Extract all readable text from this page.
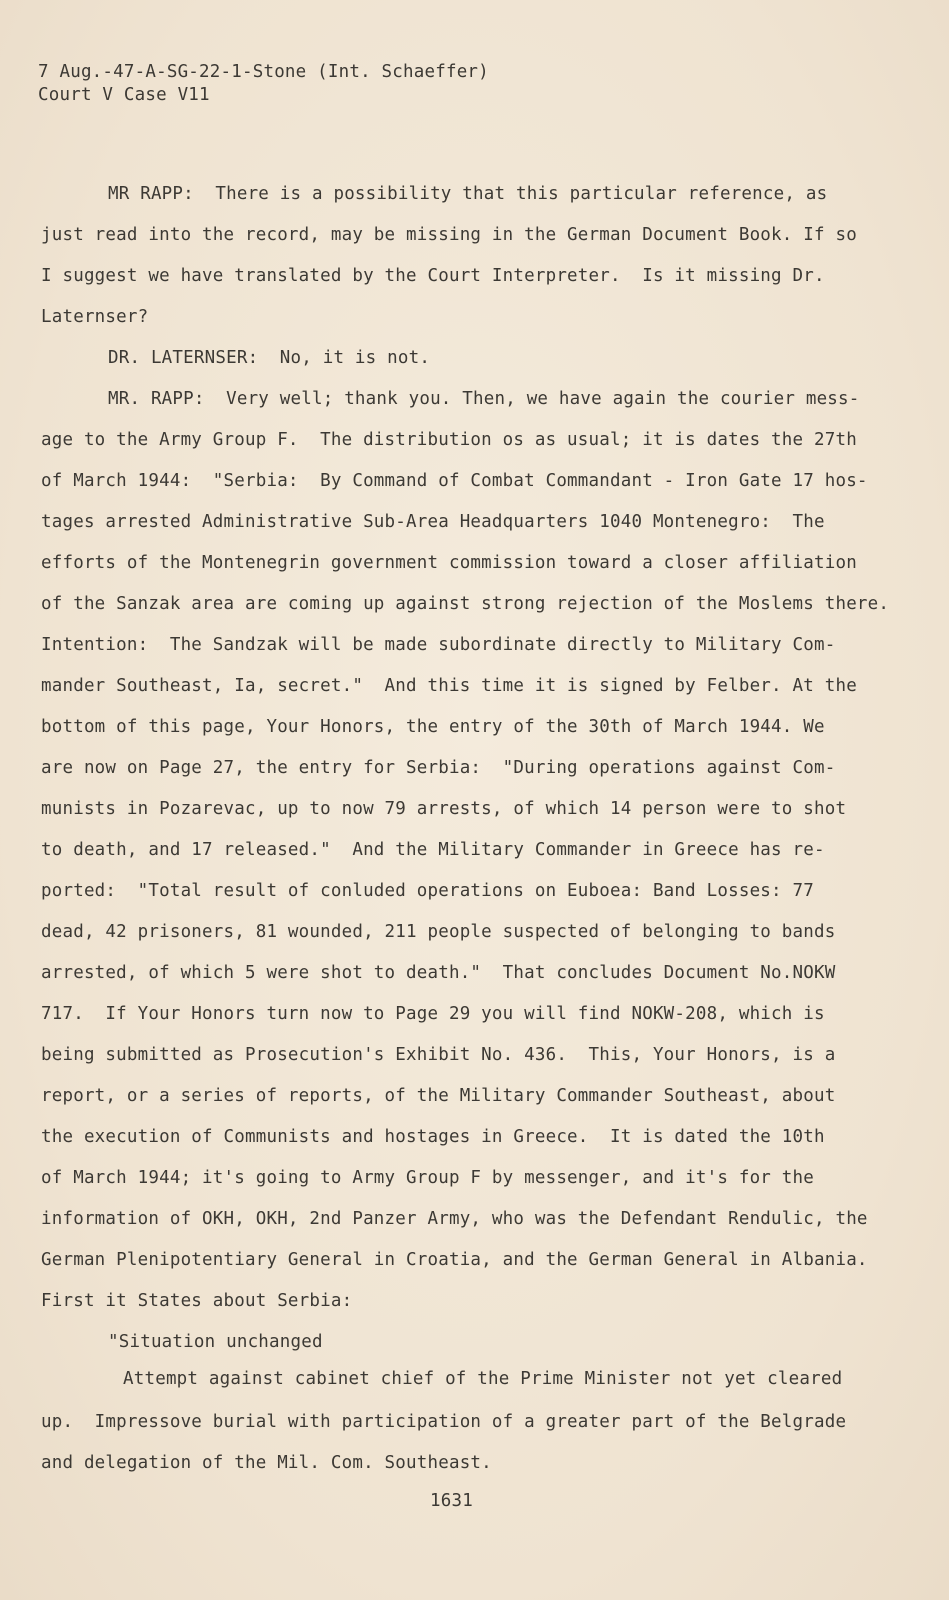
7 Aug.-47-A-SG-22-1-Stone (Int. Schaeffer)
Court V Case V11
MR RAPP:  There is a possibility that this particular reference, as
just read into the record, may be missing in the German Document Book. If so
I suggest we have translated by the Court Interpreter.  Is it missing Dr.
Laternser?
DR. LATERNSER:  No, it is not.
MR. RAPP:  Very well; thank you. Then, we have again the courier mess-
age to the Army Group F.  The distribution os as usual; it is dates the 27th
of March 1944:  "Serbia:  By Command of Combat Commandant - Iron Gate 17 hos-
tages arrested Administrative Sub-Area Headquarters 1040 Montenegro:  The
efforts of the Montenegrin government commission toward a closer affiliation
of the Sanzak area are coming up against strong rejection of the Moslems there.
Intention:  The Sandzak will be made subordinate directly to Military Com-
mander Southeast, Ia, secret."  And this time it is signed by Felber. At the
bottom of this page, Your Honors, the entry of the 30th of March 1944. We
are now on Page 27, the entry for Serbia:  "During operations against Com-
munists in Pozarevac, up to now 79 arrests, of which 14 person were to shot
to death, and 17 released."  And the Military Commander in Greece has re-
ported:  "Total result of conluded operations on Euboea: Band Losses: 77
dead, 42 prisoners, 81 wounded, 211 people suspected of belonging to bands
arrested, of which 5 were shot to death."  That concludes Document No.NOKW
717.  If Your Honors turn now to Page 29 you will find NOKW-208, which is
being submitted as Prosecution's Exhibit No. 436.  This, Your Honors, is a
report, or a series of reports, of the Military Commander Southeast, about
the execution of Communists and hostages in Greece.  It is dated the 10th
of March 1944; it's going to Army Group F by messenger, and it's for the
information of OKH, OKH, 2nd Panzer Army, who was the Defendant Rendulic, the
German Plenipotentiary General in Croatia, and the German General in Albania.
First it States about Serbia:
"Situation unchanged
Attempt against cabinet chief of the Prime Minister not yet cleared
up.  Impressove burial with participation of a greater part of the Belgrade
and delegation of the Mil. Com. Southeast.
1631
